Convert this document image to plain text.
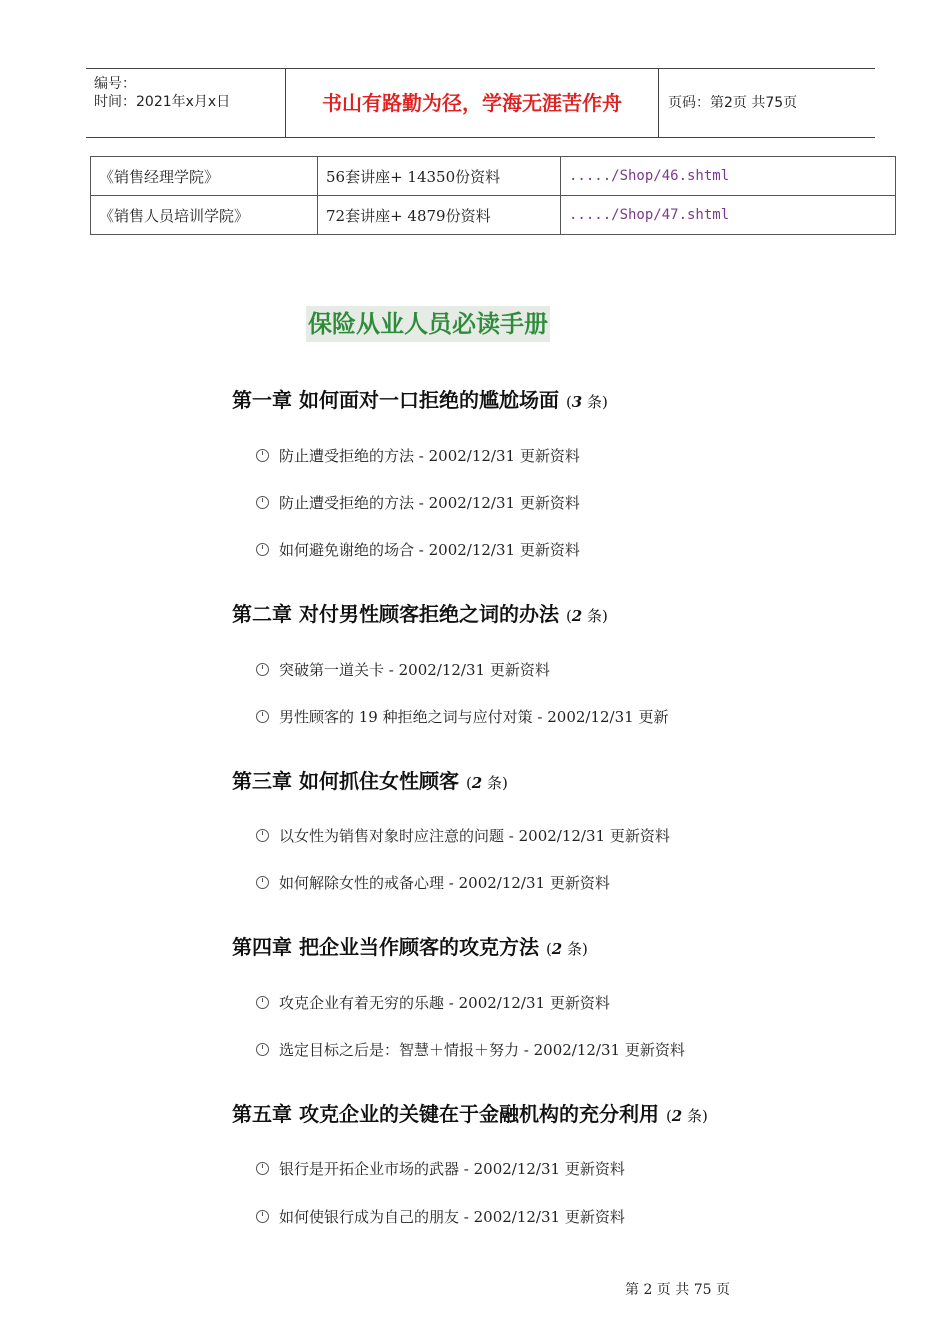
编号：
时间：2021年x月x日	书山有路勤为径，学海无涯苦作舟	页码：第2页 共75页
《销售经理学院》	56套讲座+ 14350份资料	...../Shop/46.shtml
《销售人员培训学院》	72套讲座+ 4879份资料	...../Shop/47.shtml
保险从业人员必读手册
第一章 如何面对一口拒绝的尴尬场面 (3 条)
防止遭受拒绝的方法 - 2002/12/31 更新资料
防止遭受拒绝的方法 - 2002/12/31 更新资料
如何避免谢绝的场合 - 2002/12/31 更新资料
第二章 对付男性顾客拒绝之词的办法 (2 条)
突破第一道关卡 - 2002/12/31 更新资料
男性顾客的 19 种拒绝之词与应付对策 - 2002/12/31 更新
第三章 如何抓住女性顾客 (2 条)
以女性为销售对象时应注意的问题 - 2002/12/31 更新资料
如何解除女性的戒备心理 - 2002/12/31 更新资料
第四章 把企业当作顾客的攻克方法 (2 条)
攻克企业有着无穷的乐趣 - 2002/12/31 更新资料
选定目标之后是：智慧＋情报＋努力 - 2002/12/31 更新资料
第五章 攻克企业的关键在于金融机构的充分利用 (2 条)
银行是开拓企业市场的武器 - 2002/12/31 更新资料
如何使银行成为自己的朋友 - 2002/12/31 更新资料
第 2 页 共 75 页
